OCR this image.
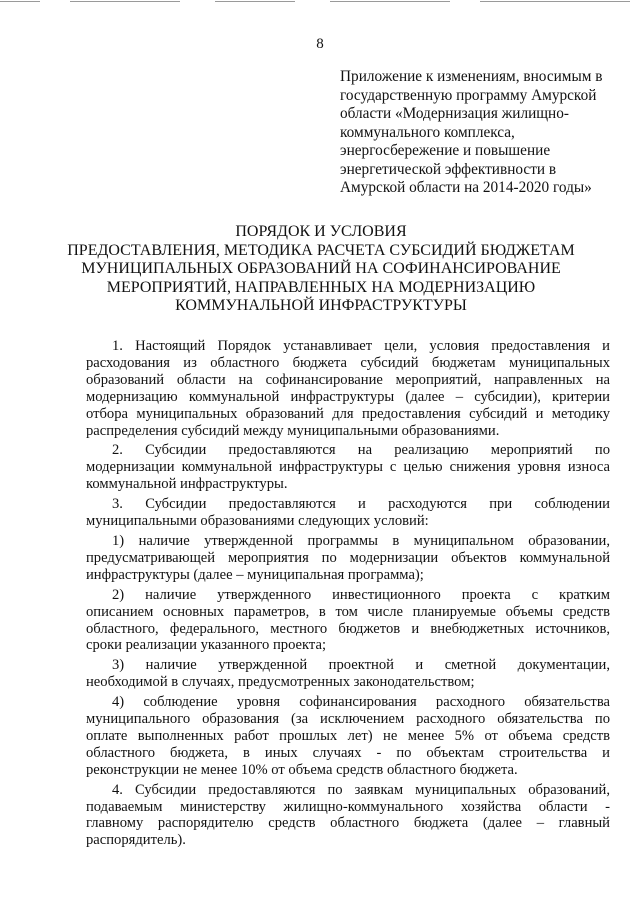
8
Приложение к изменениям, вносимым в
государственную программу Амурской
области «Модернизация жилищно-
коммунального комплекса,
энергосбережение и повышение
энергетической эффективности в
Амурской области на 2014-2020 годы»
ПОРЯДОК И УСЛОВИЯ
ПРЕДОСТАВЛЕНИЯ, МЕТОДИКА РАСЧЕТА СУБСИДИЙ БЮДЖЕТАМ
МУНИЦИПАЛЬНЫХ ОБРАЗОВАНИЙ НА СОФИНАНСИРОВАНИЕ
МЕРОПРИЯТИЙ, НАПРАВЛЕННЫХ НА МОДЕРНИЗАЦИЮ
КОММУНАЛЬНОЙ ИНФРАСТРУКТУРЫ
1. Настоящий Порядок устанавливает цели, условия предоставления и
расходования из областного бюджета субсидий бюджетам муниципальных
образований области на софинансирование мероприятий, направленных на
модернизацию коммунальной инфраструктуры (далее – субсидии), критерии
отбора муниципальных образований для предоставления субсидий и методику
распределения субсидий между муниципальными образованиями.
2. Субсидии предоставляются на реализацию мероприятий по
модернизации коммунальной инфраструктуры с целью снижения уровня износа
коммунальной инфраструктуры.
3. Субсидии предоставляются и расходуются при соблюдении
муниципальными образованиями следующих условий:
1) наличие утвержденной программы в муниципальном образовании,
предусматривающей мероприятия по модернизации объектов коммунальной
инфраструктуры (далее – муниципальная программа);
2) наличие утвержденного инвестиционного проекта с кратким
описанием основных параметров, в том числе планируемые объемы средств
областного, федерального, местного бюджетов и внебюджетных источников,
сроки реализации указанного проекта;
3) наличие утвержденной проектной и сметной документации,
необходимой в случаях, предусмотренных законодательством;
4) соблюдение уровня софинансирования расходного обязательства
муниципального образования (за исключением расходного обязательства по
оплате выполненных работ прошлых лет) не менее 5% от объема средств
областного бюджета, в иных случаях - по объектам строительства и
реконструкции не менее 10% от объема средств областного бюджета.
4. Субсидии предоставляются по заявкам муниципальных образований,
подаваемым министерству жилищно-коммунального хозяйства области -
главному распорядителю средств областного бюджета (далее – главный
распорядитель).
